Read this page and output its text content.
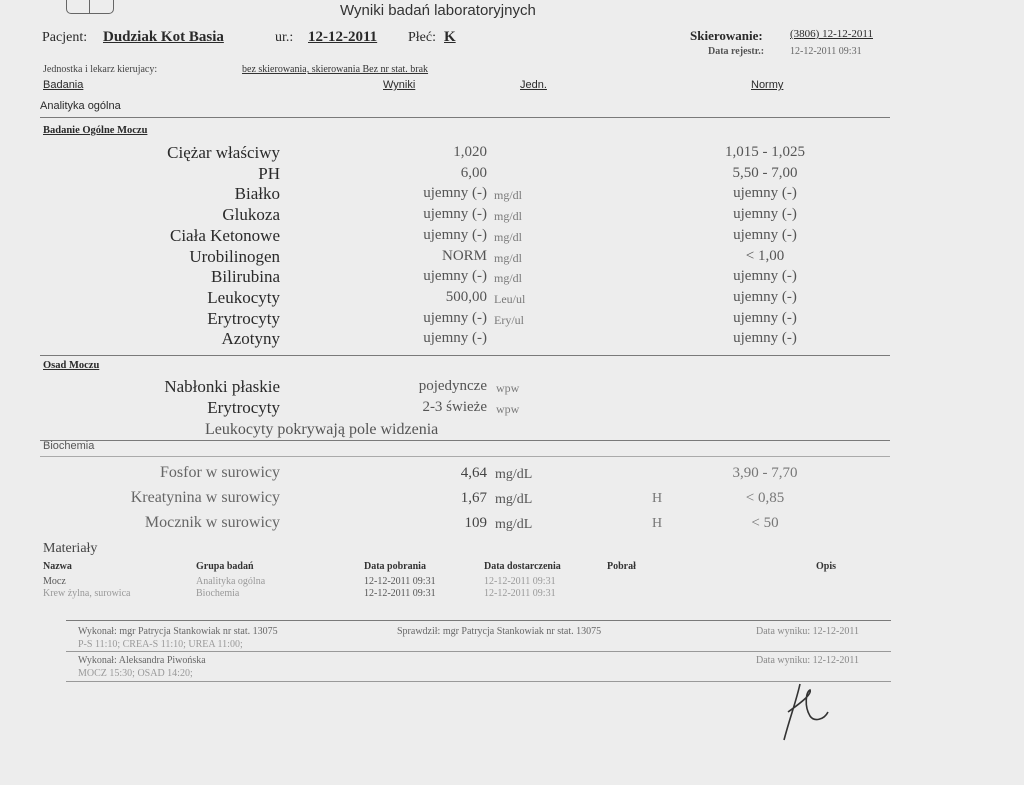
Wyniki badań laboratoryjnych
Pacjent: Dudziak Kot Basia	ur.: 12-12-2011 Płeć: K	Skierowanie: (3806) 12-12-2011
Data rejestr.:	12-12-2011 09:31
Jednostka i lekarz kierujacy:	bez skierowania, skierowania Bez nr stat. brak
Badania	Wyniki	Jedn.	Normy
Analityka ogólna
Badanie Ogólne Moczu
Ciężar właściwy	1,020	1,015 - 1,025
PH	6,00	5,50 - 7,00
Białko	ujemny (-) mg/dl	ujemny (-)
Glukoza	ujemny (-) mg/dl	ujemny (-)
Ciała Ketonowe	ujemny (-) mg/dl	ujemny (-)
Urobilinogen	NORM mg/dl	< 1,00
Bilirubina	ujemny (-) mg/dl	ujemny (-)
Leukocyty	500,00 Leu/ul	ujemny (-)
Erytrocyty	ujemny (-) Ery/ul	ujemny (-)
Azotyny	ujemny (-)	ujemny (-)
Osad Moczu
Nabłonki płaskie	pojedyncze wpw
Erytrocyty	2-3 świeże wpw
Leukocyty pokrywają pole widzenia
Biochemia
Fosfor w surowicy	4,64 mg/dL	3,90 - 7,70
Kreatynina w surowicy	1,67 mg/dL	H	< 0,85
Mocznik w surowicy	109 mg/dL	H	< 50
Materiały
Nazwa	Grupa badań	Data pobrania	Data dostarczenia	Pobrał	Opis
Mocz	Analityka ogólna	12-12-2011 09:31	12-12-2011 09:31
Krew żylna, surowica	Biochemia	12-12-2011 09:31	12-12-2011 09:31
Wykonał: mgr Patrycja Stankowiak nr stat. 13075	Sprawdził: mgr Patrycja Stankowiak nr stat. 13075	Data wyniku: 12-12-2011
P-S 11:10; CREA-S 11:10; UREA 11:00;
Wykonał: Aleksandra Piwońska	Data wyniku: 12-12-2011
MOCZ 15:30; OSAD 14:20;
